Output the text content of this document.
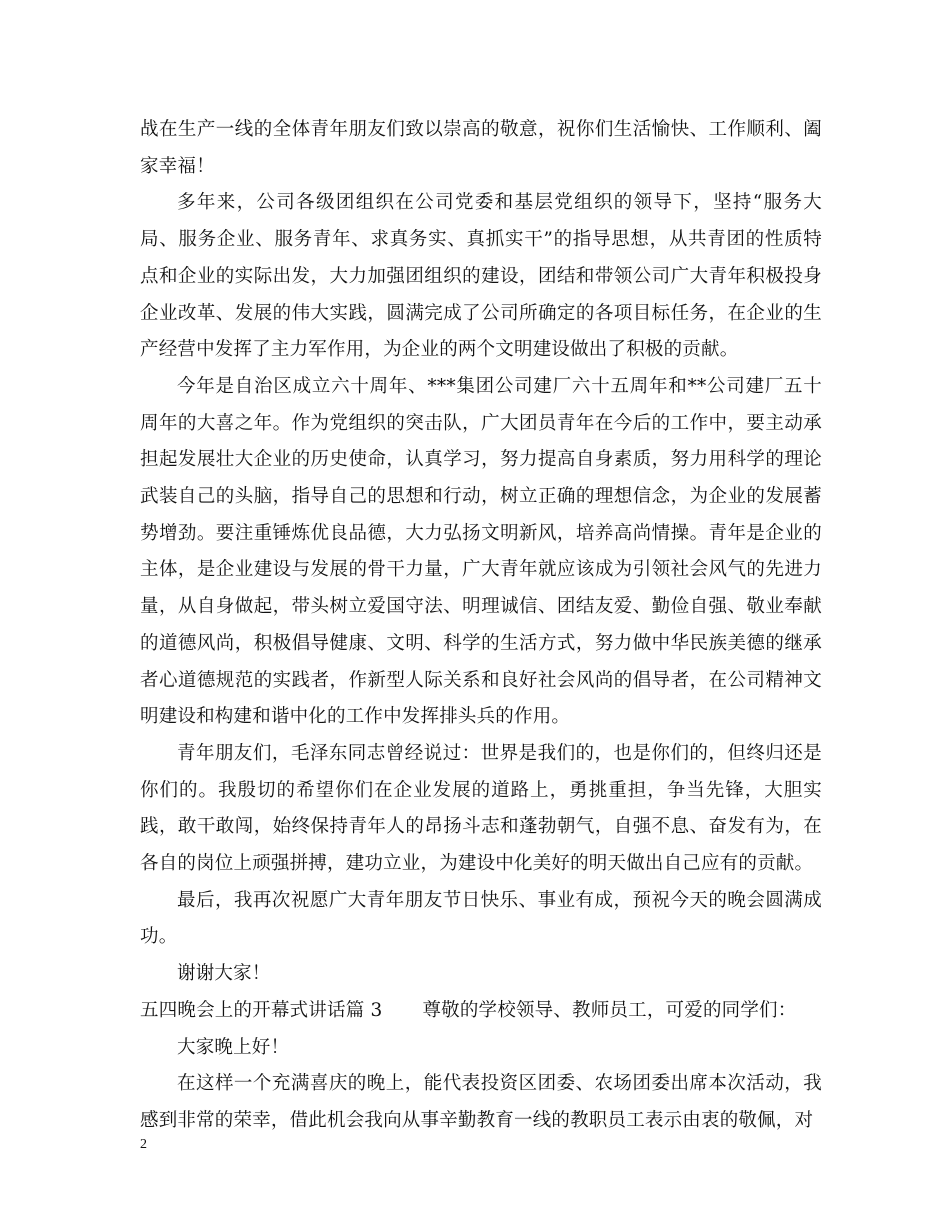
战在生产一线的全体青年朋友们致以崇高的敬意，祝你们生活愉快、工作顺利、阖家幸福！

多年来，公司各级团组织在公司党委和基层党组织的领导下，坚持“服务大局、服务企业、服务青年、求真务实、真抓实干”的指导思想，从共青团的性质特点和企业的实际出发，大力加强团组织的建设，团结和带领公司广大青年积极投身企业改革、发展的伟大实践，圆满完成了公司所确定的各项目标任务，在企业的生产经营中发挥了主力军作用，为企业的两个文明建设做出了积极的贡献。

今年是自治区成立六十周年、***集团公司建厂六十五周年和**公司建厂五十周年的大喜之年。作为党组织的突击队，广大团员青年在今后的工作中，要主动承担起发展壮大企业的历史使命，认真学习，努力提高自身素质，努力用科学的理论武装自己的头脑，指导自己的思想和行动，树立正确的理想信念，为企业的发展蓄势增劲。要注重锤炼优良品德，大力弘扬文明新风，培养高尚情操。青年是企业的主体，是企业建设与发展的骨干力量，广大青年就应该成为引领社会风气的先进力量，从自身做起，带头树立爱国守法、明理诚信、团结友爱、勤俭自强、敬业奉献的道德风尚，积极倡导健康、文明、科学的生活方式，努力做中华民族美德的继承者心道德规范的实践者，作新型人际关系和良好社会风尚的倡导者，在公司精神文明建设和构建和谐中化的工作中发挥排头兵的作用。

青年朋友们，毛泽东同志曾经说过：世界是我们的，也是你们的，但终归还是你们的。我殷切的希望你们在企业发展的道路上，勇挑重担，争当先锋，大胆实践，敢干敢闯，始终保持青年人的昂扬斗志和蓬勃朝气，自强不息、奋发有为，在各自的岗位上顽强拼搏，建功立业，为建设中化美好的明天做出自己应有的贡献。

最后，我再次祝愿广大青年朋友节日快乐、事业有成，预祝今天的晚会圆满成功。

谢谢大家！

五四晚会上的开幕式讲话篇 3 尊敬的学校领导、教师员工，可爱的同学们：

大家晚上好！

在这样一个充满喜庆的晚上，能代表投资区团委、农场团委出席本次活动，我感到非常的荣幸，借此机会我向从事辛勤教育一线的教职员工表示由衷的敬佩，对

2
